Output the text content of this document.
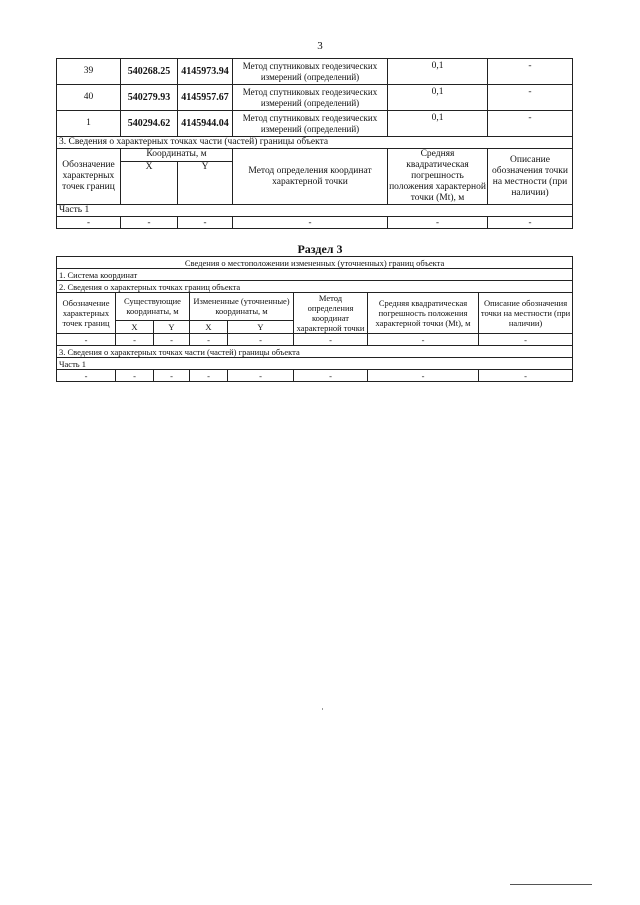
3
39	540268.25	4145973.94	Метод спутниковых геодезических измерений (определений)	0,1	-
40	540279.93	4145957.67	Метод спутниковых геодезических измерений (определений)	0,1	-
1	540294.62	4145944.04	Метод спутниковых геодезических измерений (определений)	0,1	-
3. Сведения о характерных точках части (частей) границы объекта					
Обозначение характерных точек границ	Координаты, м		Метод определения координат характерной точки	Средняя квадратическая погрешность положения характерной точки (Mt), м	Описание обозначения точки на местности (при наличии)
	X	Y			
Часть 1					
-	-	-	-	-	-
Раздел 3
Сведения о местоположении измененных (уточненных) границ объекта							
1. Система координат							
2. Сведения о характерных точках границ объекта							
Обозначение характерных точек границ	Существующие координаты, м		Измененные (уточненные) координаты, м		Метод определения координат характерной точки	Средняя квадратическая погрешность положения характерной точки (Mt), м	Описание обозначения точки на местности (при наличии)
	X	Y	X	Y			
-	-	-	-	-	-	-	-
3. Сведения о характерных точках части (частей) границы объекта							
Часть 1							
-	-	-	-	-	-	-	-
